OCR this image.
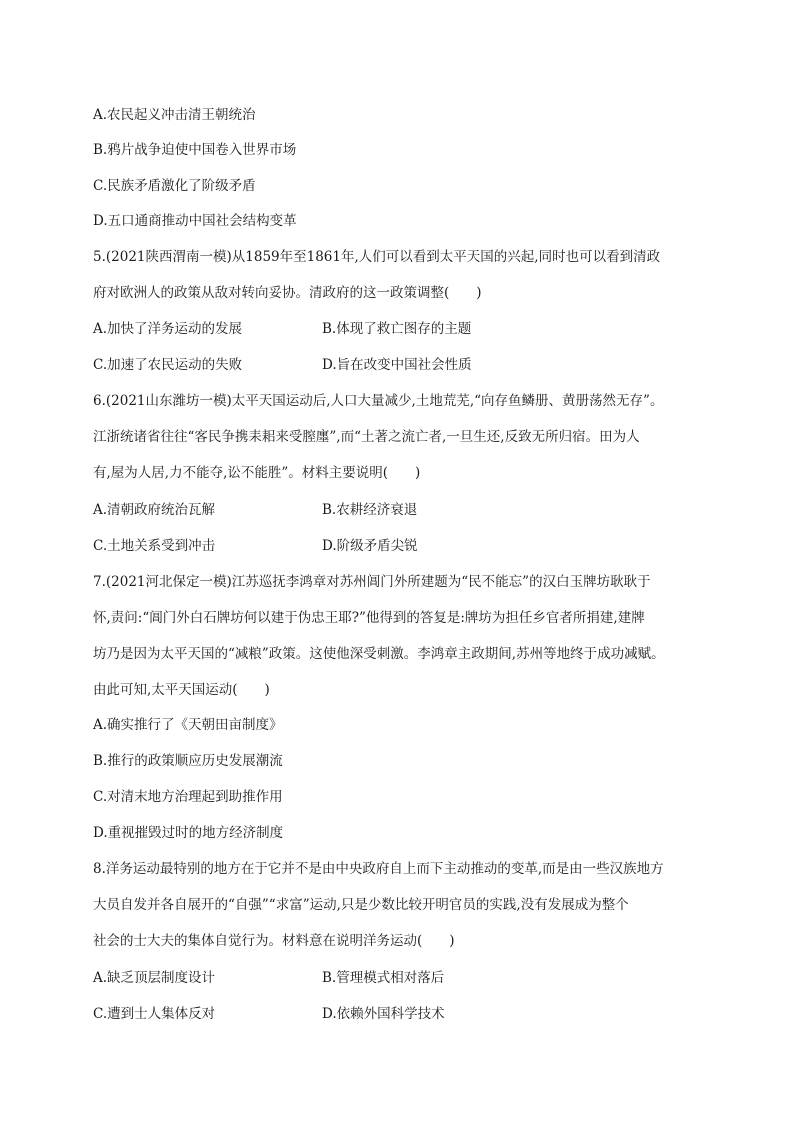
A.农民起义冲击清王朝统治
B.鸦片战争迫使中国卷入世界市场
C.民族矛盾激化了阶级矛盾
D.五口通商推动中国社会结构变革
5.(2021陕西渭南一模)从1859年至1861年,人们可以看到太平天国的兴起,同时也可以看到清政
府对欧洲人的政策从敌对转向妥协。清政府的这一政策调整(　　)
A.加快了洋务运动的发展	B.体现了救亡图存的主题
C.加速了农民运动的失败	D.旨在改变中国社会性质
6.(2021山东潍坊一模)太平天国运动后,人口大量减少,土地荒芜,“向存鱼鳞册、黄册荡然无存”。
江浙统诸省往往“客民争携耒耜来受膣廛”,而“土著之流亡者,一旦生还,反致无所归宿。田为人
有,屋为人居,力不能夺,讼不能胜”。材料主要说明(　　)
A.清朝政府统治瓦解	B.农耕经济衰退
C.土地关系受到冲击	D.阶级矛盾尖锐
7.(2021河北保定一模)江苏巡抚李鸿章对苏州阊门外所建题为“民不能忘”的汉白玉牌坊耿耿于
怀,责问:“阊门外白石牌坊何以建于伪忠王耶?”他得到的答复是:牌坊为担任乡官者所捐建,建牌
坊乃是因为太平天国的“减粮”政策。这使他深受刺激。李鸿章主政期间,苏州等地终于成功减赋。
由此可知,太平天国运动(　　)
A.确实推行了《天朝田亩制度》
B.推行的政策顺应历史发展潮流
C.对清末地方治理起到助推作用
D.重视摧毁过时的地方经济制度
8.洋务运动最特别的地方在于它并不是由中央政府自上而下主动推动的变革,而是由一些汉族地方
大员自发并各自展开的“自强”“求富”运动,只是少数比较开明官员的实践,没有发展成为整个
社会的士大夫的集体自觉行为。材料意在说明洋务运动(　　)
A.缺乏顶层制度设计	B.管理模式相对落后
C.遭到士人集体反对	D.依赖外国科学技术
